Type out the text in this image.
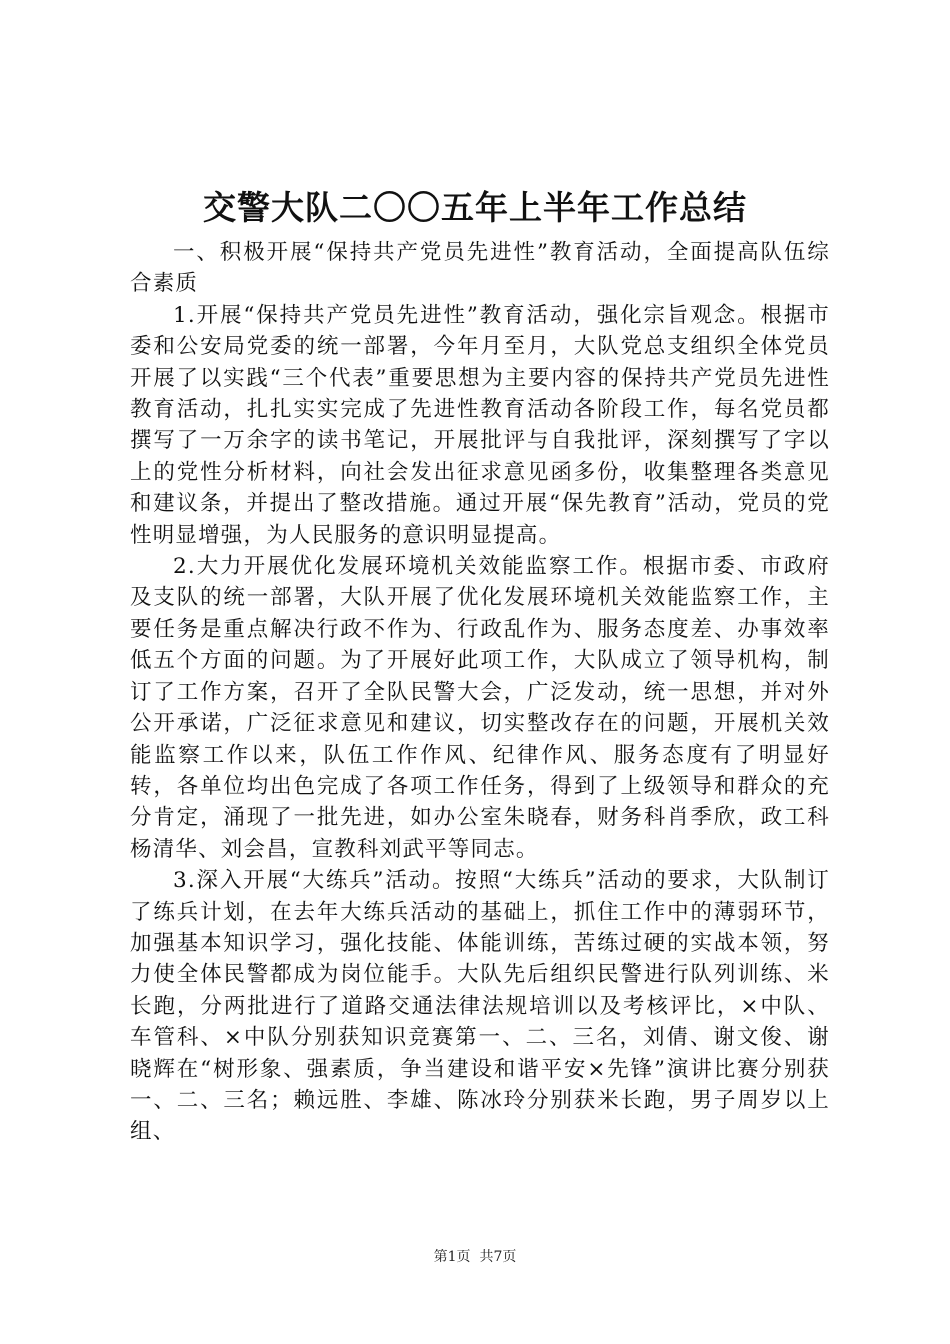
交警大队二〇〇五年上半年工作总结

一、积极开展“保持共产党员先进性”教育活动，全面提高队伍综合素质

1.开展“保持共产党员先进性”教育活动，强化宗旨观念。根据市委和公安局党委的统一部署，今年月至月，大队党总支组织全体党员开展了以实践“三个代表”重要思想为主要内容的保持共产党员先进性教育活动，扎扎实实完成了先进性教育活动各阶段工作，每名党员都撰写了一万余字的读书笔记，开展批评与自我批评，深刻撰写了字以上的党性分析材料，向社会发出征求意见函多份，收集整理各类意见和建议条，并提出了整改措施。通过开展“保先教育”活动，党员的党性明显增强，为人民服务的意识明显提高。

2.大力开展优化发展环境机关效能监察工作。根据市委、市政府及支队的统一部署，大队开展了优化发展环境机关效能监察工作，主要任务是重点解决行政不作为、行政乱作为、服务态度差、办事效率低五个方面的问题。为了开展好此项工作，大队成立了领导机构，制订了工作方案，召开了全队民警大会，广泛发动，统一思想，并对外公开承诺，广泛征求意见和建议，切实整改存在的问题，开展机关效能监察工作以来，队伍工作作风、纪律作风、服务态度有了明显好转，各单位均出色完成了各项工作任务，得到了上级领导和群众的充分肯定，涌现了一批先进，如办公室朱晓春，财务科肖季欣，政工科杨清华、刘会昌，宣教科刘武平等同志。

3.深入开展“大练兵”活动。按照“大练兵”活动的要求，大队制订了练兵计划，在去年大练兵活动的基础上，抓住工作中的薄弱环节，加强基本知识学习，强化技能、体能训练，苦练过硬的实战本领，努力使全体民警都成为岗位能手。大队先后组织民警进行队列训练、米长跑，分两批进行了道路交通法律法规培训以及考核评比，×中队、车管科、×中队分别获知识竞赛第一、二、三名，刘倩、谢文俊、谢晓辉在“树形象、强素质，争当建设和谐平安×先锋”演讲比赛分别获一、二、三名；赖远胜、李雄、陈冰玲分别获米长跑，男子周岁以上组、

第1页 共7页
